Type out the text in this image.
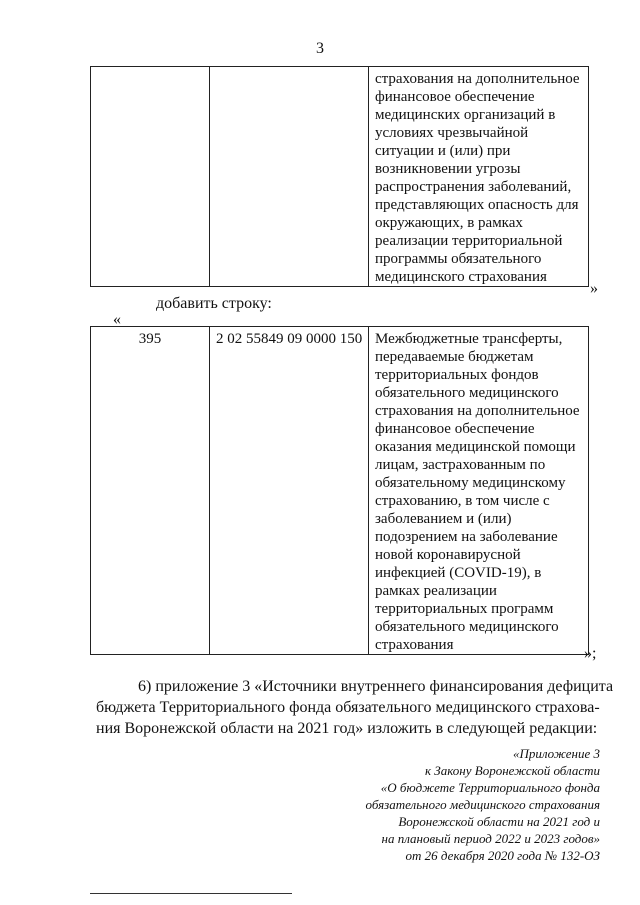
3

страхования на дополнительное
финансовое обеспечение
медицинских организаций в
условиях чрезвычайной
ситуации и (или) при
возникновении угрозы
распространения заболеваний,
представляющих опасность для
окружающих, в рамках
реализации территориальной
программы обязательного
медицинского страхования
»
добавить строку:
«
395	2 02 55849 09 0000 150	Межбюджетные трансферты,
передаваемые бюджетам
территориальных фондов
обязательного медицинского
страхования на дополнительное
финансовое обеспечение
оказания медицинской помощи
лицам, застрахованным по
обязательному медицинскому
страхованию, в том числе с
заболеванием и (или)
подозрением на заболевание
новой коронавирусной
инфекцией (COVID-19), в
рамках реализации
территориальных программ
обязательного медицинского
страхования	»;
6) приложение 3 «Источники внутреннего финансирования дефицита
бюджета Территориального фонда обязательного медицинского страхова-
ния Воронежской области на 2021 год» изложить в следующей редакции:
«Приложение 3
к Закону Воронежской области
«О бюджете Территориального фонда
обязательного медицинского страхования
Воронежской области на 2021 год и
на плановый период 2022 и 2023 годов»
от 26 декабря 2020 года № 132-ОЗ
